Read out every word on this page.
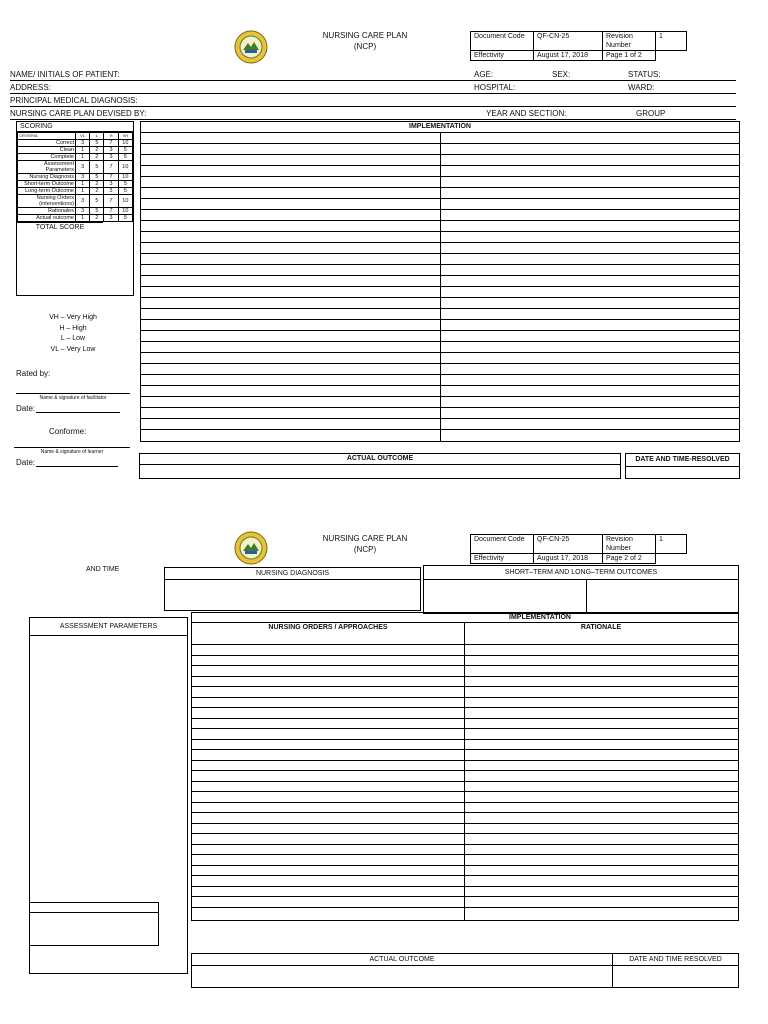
NURSING CARE PLAN
(NCP)
Document Code	QF-CN-25	Revision Number	1
Effectivity	August 17, 2018	Page 1 of 2	
NAME/ INITIALS OF PATIENT:	AGE:	SEX:	STATUS:
ADDRESS:	HOSPITAL:	WARD:
PRINCIPAL MEDICAL DIAGNOSIS:
NURSING CARE PLAN DEVISED BY:	YEAR AND SECTION:	GROUP
SCORING
CRITERIA	VL	L	H	VH
Correct	3	5	7	10
Clean	1	2	3	5
Complete	1	2	3	5
Assessment Parameters	3	5	7	10
Nursing Diagnosis	3	5	7	10
Short-term Outcome	1	2	3	5
Long-term Outcome	1	2	3	5
Nursing Orders (interventions)	3	5	7	10
Rationales	3	5	7	10
Actual outcome	1	2	3	5
TOTAL SCORE
VH – Very High
H – High
L – Low
VL – Very Low
Rated by:
Name & signature of facilitator
Date:
Conforme:
Name & signature of learner
Date:
IMPLEMENTATION
ACTUAL OUTCOME	DATE AND TIME-RESOLVED
NURSING CARE PLAN
(NCP)
Document Code	QF-CN-25	Revision Number	1
Effectivity	August 17, 2018	Page 2 of 2	
AND TIME
NURSING DIAGNOSIS	SHORT–TERM AND LONG–TERM OUTCOMES
ASSESSMENT PARAMETERS
IMPLEMENTATION
NURSING ORDERS / APPROACHES	RATIONALE
ACTUAL OUTCOME	DATE AND TIME RESOLVED
